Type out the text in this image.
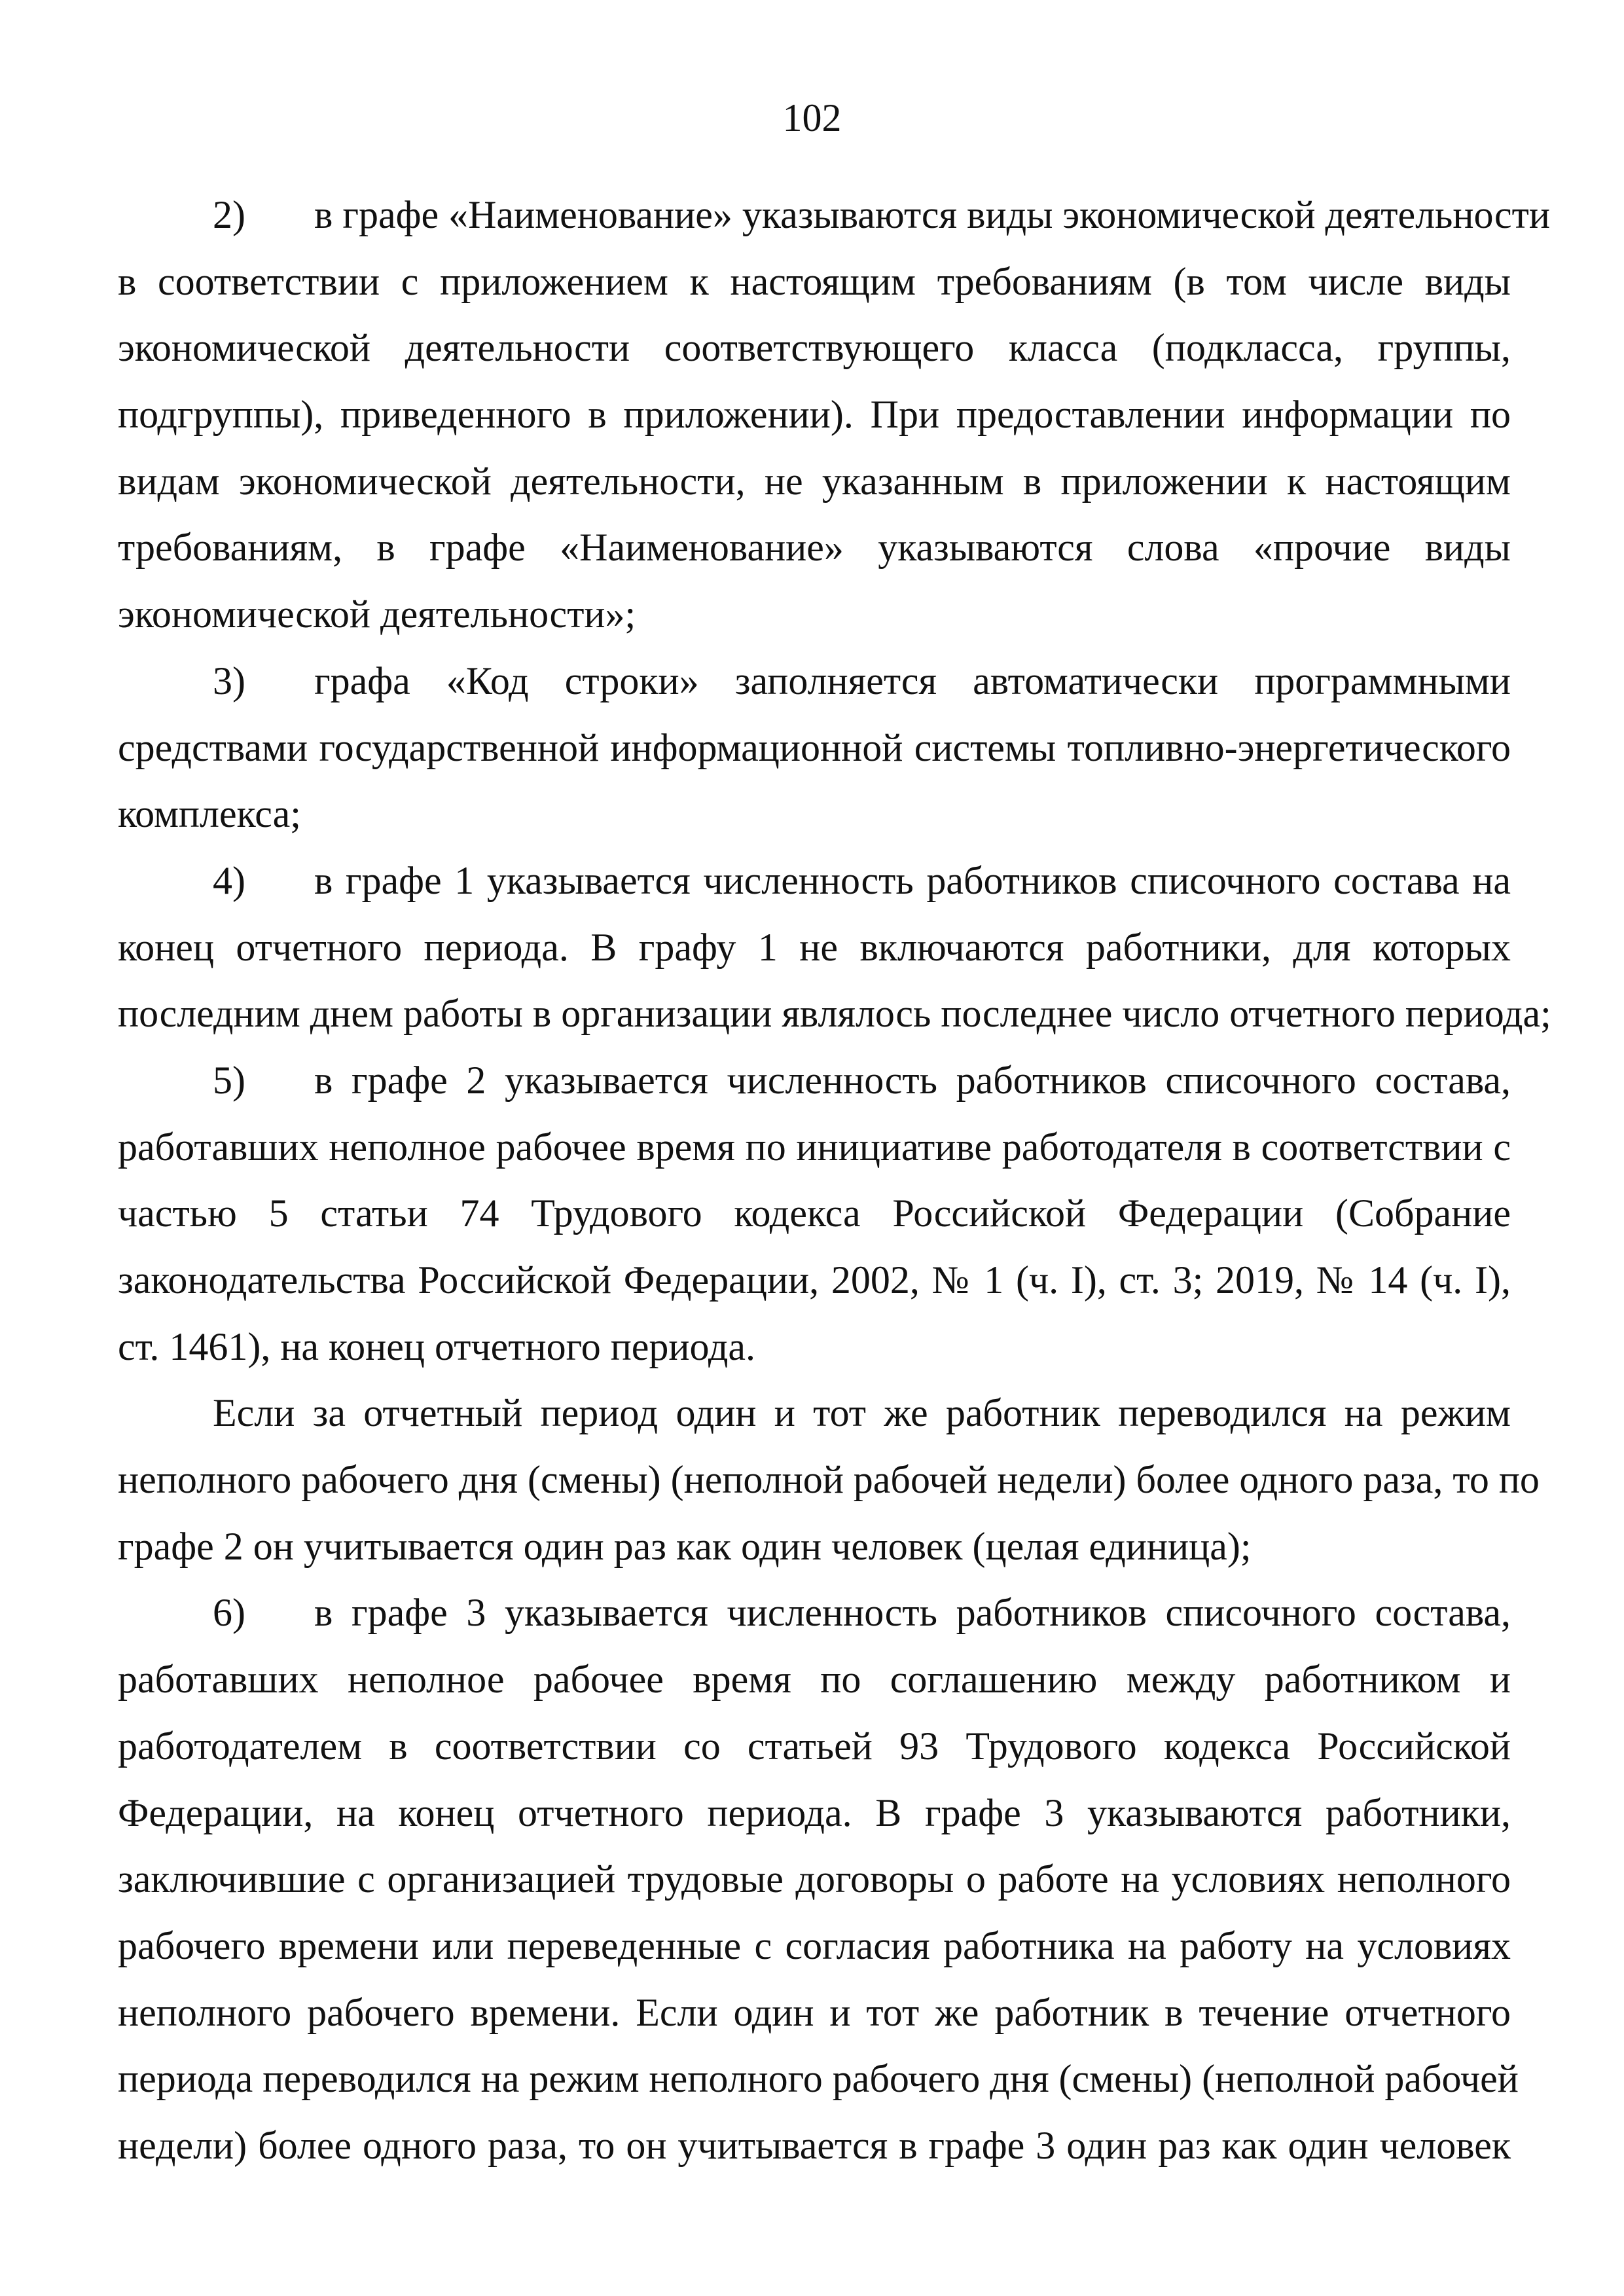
102
2) в графе «Наименование» указываются виды экономической деятельности
в соответствии с приложением к настоящим требованиям (в том числе виды
экономической деятельности соответствующего класса (подкласса, группы,
подгруппы), приведенного в приложении). При предоставлении информации по
видам экономической деятельности, не указанным в приложении к настоящим
требованиям, в графе «Наименование» указываются слова «прочие виды
экономической деятельности»;
3) графа «Код строки» заполняется автоматически программными
средствами государственной информационной системы топливно-энергетического
комплекса;
4) в графе 1 указывается численность работников списочного состава на
конец отчетного периода. В графу 1 не включаются работники, для которых
последним днем работы в организации являлось последнее число отчетного периода;
5) в графе 2 указывается численность работников списочного состава,
работавших неполное рабочее время по инициативе работодателя в соответствии с
частью 5 статьи 74 Трудового кодекса Российской Федерации (Собрание
законодательства Российской Федерации, 2002, № 1 (ч. I), ст. 3; 2019, № 14 (ч. I),
ст. 1461), на конец отчетного периода.
Если за отчетный период один и тот же работник переводился на режим
неполного рабочего дня (смены) (неполной рабочей недели) более одного раза, то по
графе 2 он учитывается один раз как один человек (целая единица);
6) в графе 3 указывается численность работников списочного состава,
работавших неполное рабочее время по соглашению между работником и
работодателем в соответствии со статьей 93 Трудового кодекса Российской
Федерации, на конец отчетного периода. В графе 3 указываются работники,
заключившие с организацией трудовые договоры о работе на условиях неполного
рабочего времени или переведенные с согласия работника на работу на условиях
неполного рабочего времени. Если один и тот же работник в течение отчетного
периода переводился на режим неполного рабочего дня (смены) (неполной рабочей
недели) более одного раза, то он учитывается в графе 3 один раз как один человек
